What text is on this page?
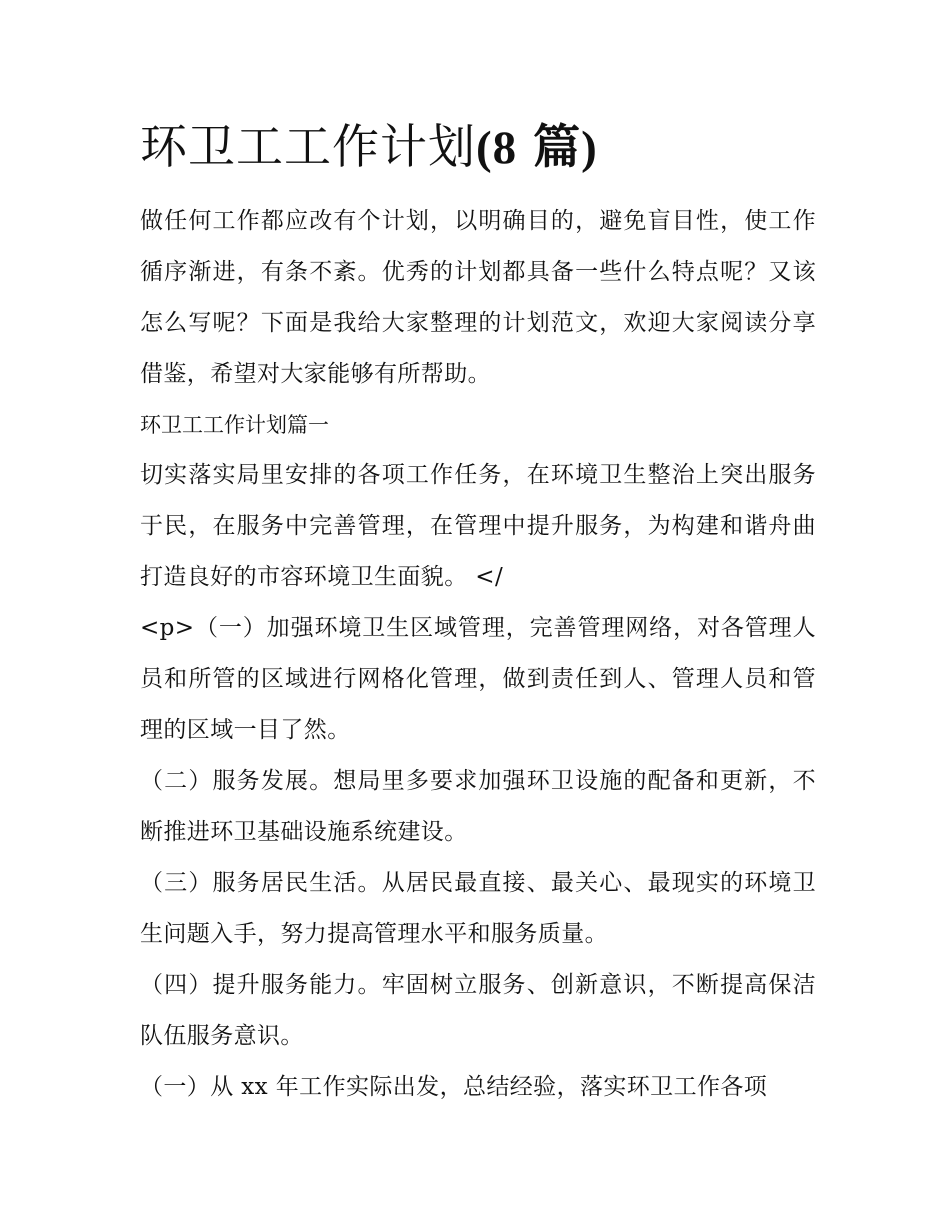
环卫工工作计划(8 篇)

做任何工作都应改有个计划，以明确目的，避免盲目性，使工作循序渐进，有条不紊。优秀的计划都具备一些什么特点呢？又该怎么写呢？下面是我给大家整理的计划范文，欢迎大家阅读分享借鉴，希望对大家能够有所帮助。

环卫工工作计划篇一

切实落实局里安排的各项工作任务，在环境卫生整治上突出服务于民，在服务中完善管理，在管理中提升服务，为构建和谐舟曲打造良好的市容环境卫生面貌。 </

<p>（一）加强环境卫生区域管理，完善管理网络，对各管理人员和所管的区域进行网格化管理，做到责任到人、管理人员和管理的区域一目了然。

（二）服务发展。想局里多要求加强环卫设施的配备和更新，不断推进环卫基础设施系统建设。

（三）服务居民生活。从居民最直接、最关心、最现实的环境卫生问题入手，努力提高管理水平和服务质量。

（四）提升服务能力。牢固树立服务、创新意识，不断提高保洁队伍服务意识。

（一）从 xx 年工作实际出发，总结经验，落实环卫工作各项
